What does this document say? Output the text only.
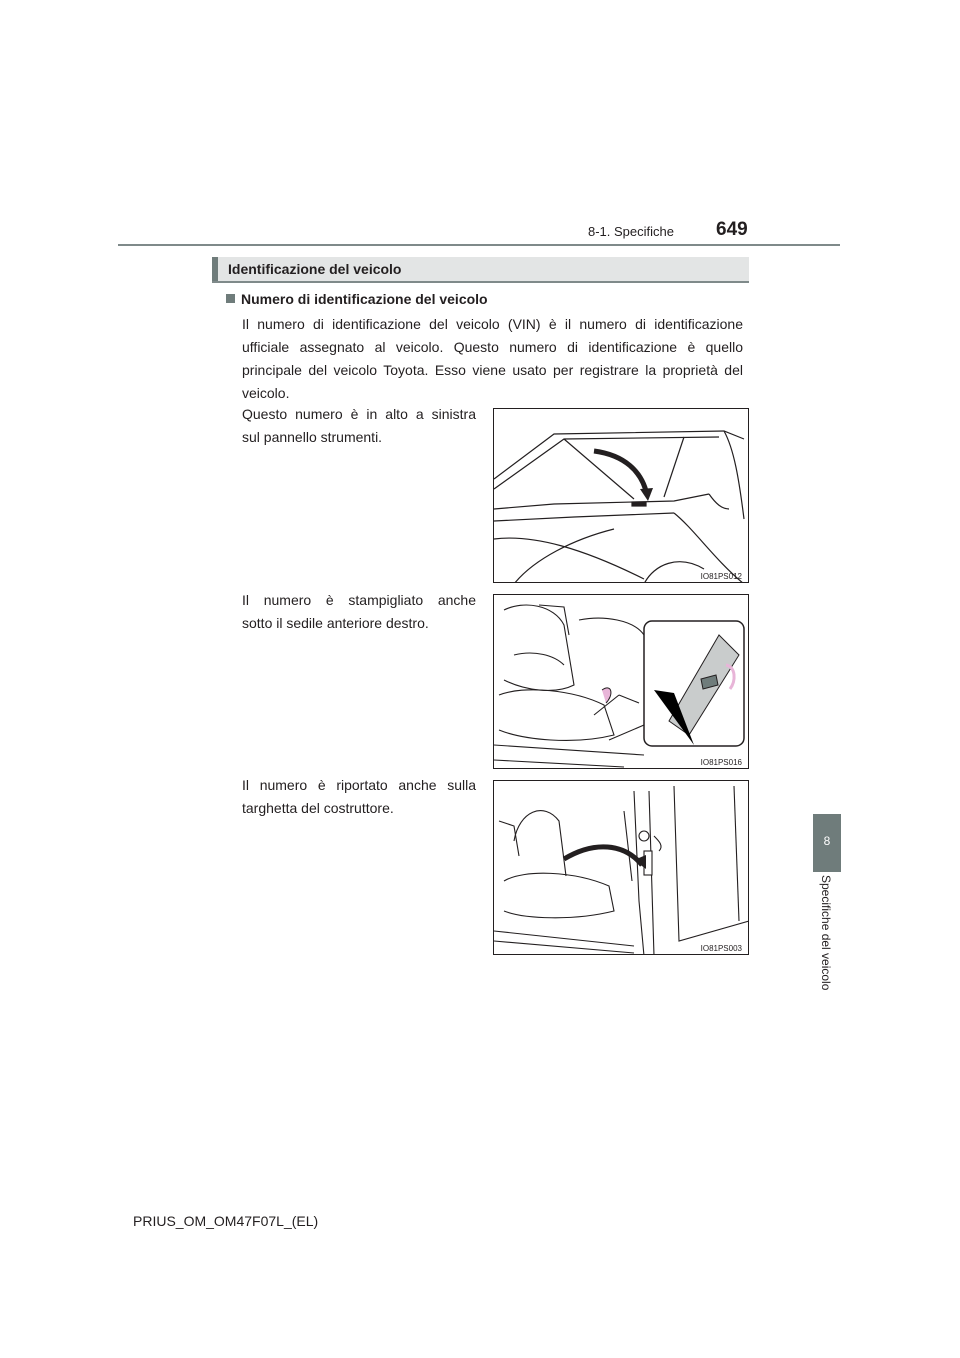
8-1. Specifiche 649
8
Specifiche del veicolo
Identificazione del veicolo
Numero di identificazione del veicolo
Il numero di identificazione del veicolo (VIN) è il numero di identificazione ufficiale assegnato al veicolo. Questo numero di identificazione è quello principale del veicolo Toyota. Esso viene usato per registrare la proprietà del veicolo.
Questo numero è in alto a sinistra
sul pannello strumenti.
Il numero è stampigliato anche
sotto il sedile anteriore destro.
Il numero è riportato anche sulla
targhetta del costruttore.
IO81PS012
IO81PS016
IO81PS003
PRIUS_OM_OM47F07L_(EL)
